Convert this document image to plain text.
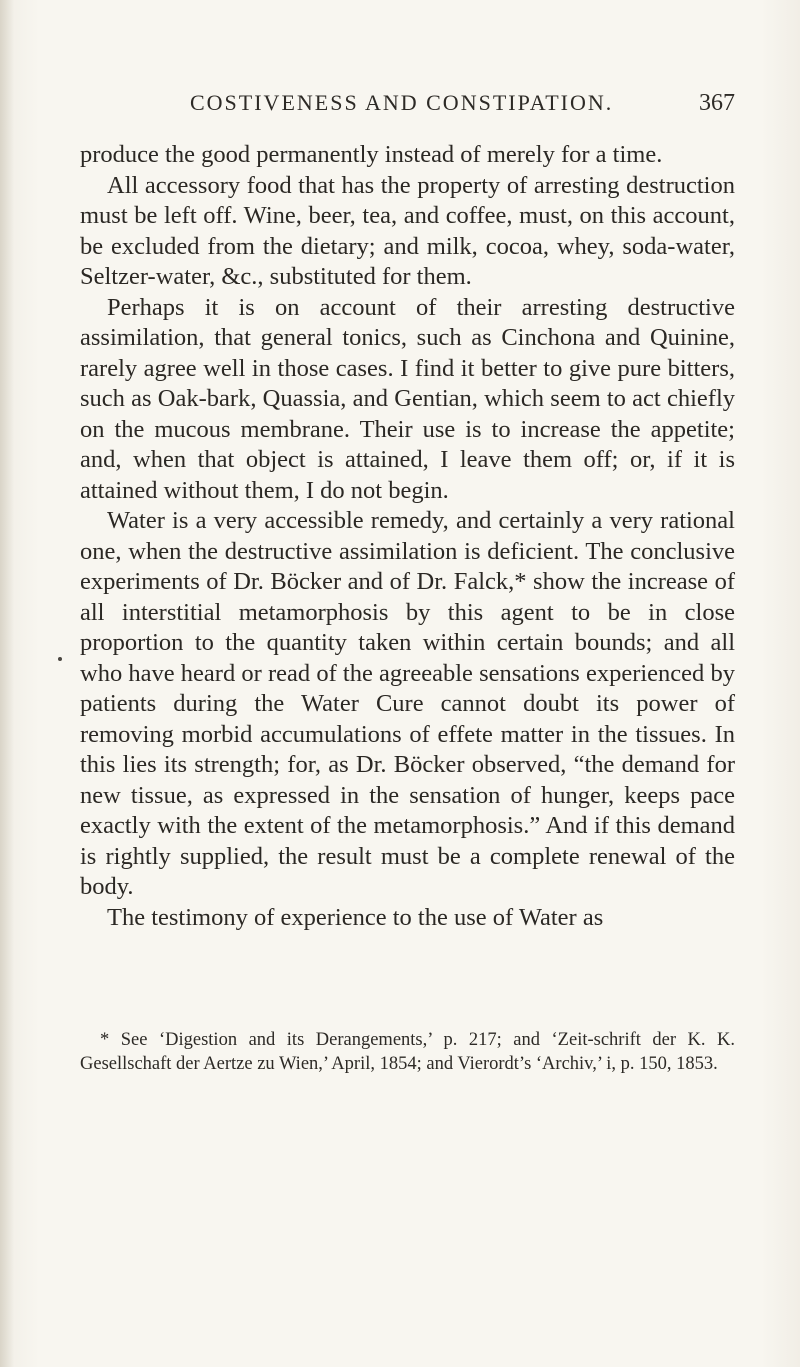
COSTIVENESS AND CONSTIPATION.	367

produce the good permanently instead of merely for a time.

All accessory food that has the property of arresting destruction must be left off. Wine, beer, tea, and coffee, must, on this account, be excluded from the dietary; and milk, cocoa, whey, soda-water, Seltzer-water, &c., substituted for them.

Perhaps it is on account of their arresting destructive assimilation, that general tonics, such as Cinchona and Quinine, rarely agree well in those cases. I find it better to give pure bitters, such as Oak-bark, Quassia, and Gentian, which seem to act chiefly on the mucous membrane. Their use is to increase the appetite; and, when that object is attained, I leave them off; or, if it is attained without them, I do not begin.

Water is a very accessible remedy, and certainly a very rational one, when the destructive assimilation is deficient. The conclusive experiments of Dr. Böcker and of Dr. Falck,* show the increase of all interstitial metamorphosis by this agent to be in close proportion to the quantity taken within certain bounds; and all who have heard or read of the agreeable sensations experienced by patients during the Water Cure cannot doubt its power of removing morbid accumulations of effete matter in the tissues. In this lies its strength; for, as Dr. Böcker observed, “the demand for new tissue, as expressed in the sensation of hunger, keeps pace exactly with the extent of the metamorphosis.” And if this demand is rightly supplied, the result must be a complete renewal of the body.

The testimony of experience to the use of Water as

* See ‘Digestion and its Derangements,’ p. 217; and ‘Zeit-schrift der K. K. Gesellschaft der Aertze zu Wien,’ April, 1854; and Vierordt’s ‘Archiv,’ i, p. 150, 1853.
